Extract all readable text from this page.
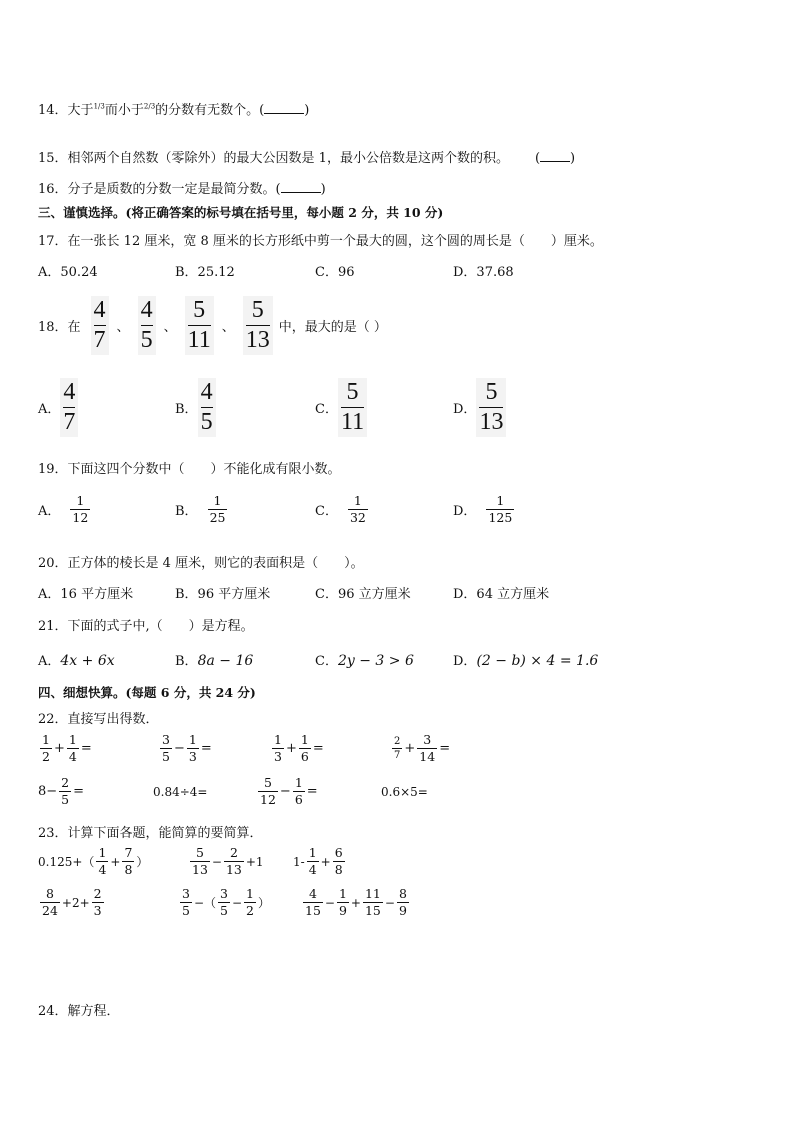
14．大于$^{1/3}$而小于$^{2/3}$的分数有无数个。(	)
15．相邻两个自然数（零除外）的最大公因数是 1，最小公倍数是这两个数的积。 ( )
16．分子是质数的分数一定是最简分数。(	)
三、谨慎选择。(将正确答案的标号填在括号里，每小题 2 分，共 10 分)
17．在一张长 12 厘米，宽 8 厘米的长方形纸中剪一个最大的圆，这个圆的周长是（　　）厘米。
A．50.24	B．25.12	C．96	D．37.68
18．在
4
7 、
4
5 、
5
11 、
5
13 中，最大的是（ ）
A．
4
7	B．
4
5	C．
5
11	D．
5
13
19．下面这四个分数中（　　）不能化成有限小数。
A． $\frac{1}{12}$	B． $\frac{1}{25}$	C． $\frac{1}{32}$	D． $\frac{1}{125}$
20．正方体的棱长是 4 厘米，则它的表面积是（　　）。
A．16 平方厘米	B．96 平方厘米	C．96 立方厘米	D．64 立方厘米
21．下面的式子中,（　　）是方程。
A．4x + 6x	B．8a − 16	C．2y − 3 > 6	D．(2 − b) × 4 = 1.6
四、细想快算。(每题 6 分，共 24 分)
22．直接写出得数．
$\frac{1}{2} + \frac{1}{4}$ =	$\frac{3}{5} - \frac{1}{3}$ =	$\frac{1}{3} + \frac{1}{6}$ =	$\frac{2}{7} + \frac{3}{14}$ =
$8- \frac{2}{5}$ =	0.84÷4=	$\frac{5}{12} - \frac{1}{6}$ =	0.6×5=
23．计算下面各题，能简算的要简算．
0.125+ （ $\frac{1}{4} + \frac{7}{8}$ ）	$\frac{5}{13} - \frac{2}{13} +1$ $1- \frac{1}{4} + \frac{6}{8}$
$\frac{8}{24} +2+ \frac{2}{3}$	$\frac{3}{5}$ − （ $\frac{3}{5} - \frac{1}{2}$ ）	$\frac{4}{15} - \frac{1}{9} + \frac{11}{15} - \frac{8}{9}$
24．解方程．
